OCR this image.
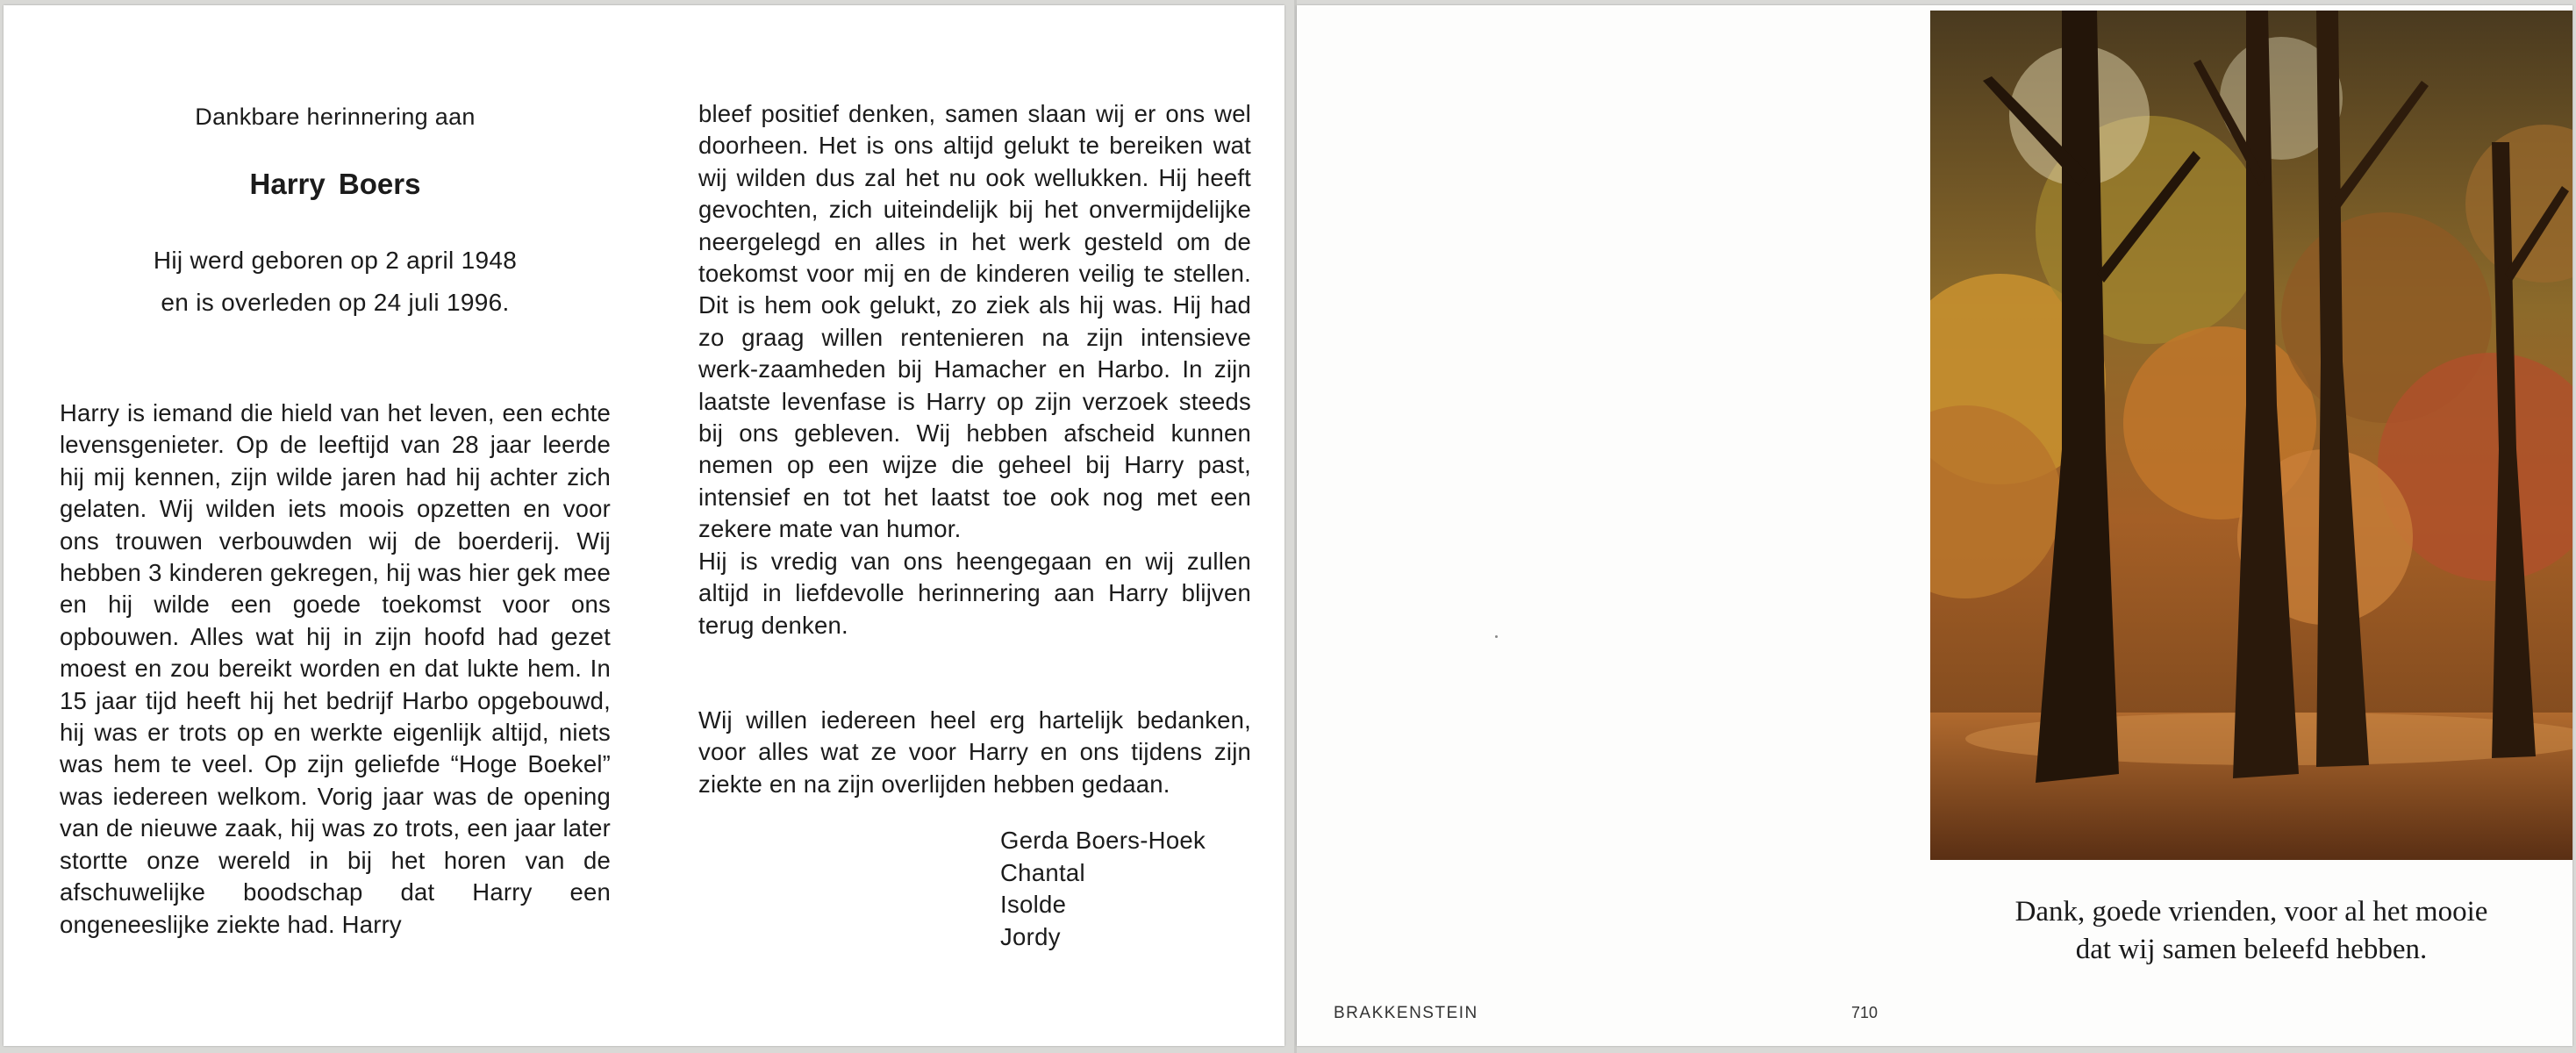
Dankbare herinnering aan

Harry Boers
Hij werd geboren op 2 april 1948
en is overleden op 24 juli 1996.

Harry is iemand die hield van het leven, een echte levensgenieter. Op de leeftijd van 28 jaar leerde hij mij kennen, zijn wilde jaren had hij achter zich gelaten. Wij wilden iets moois opzetten en voor ons trouwen verbouwden wij de boerderij. Wij hebben 3 kinderen gekregen, hij was hier gek mee en hij wilde een goede toekomst voor ons opbouwen. Alles wat hij in zijn hoofd had gezet moest en zou bereikt worden en dat lukte hem. In 15 jaar tijd heeft hij het bedrijf Harbo opgebouwd, hij was er trots op en werkte eigenlijk altijd, niets was hem te veel. Op zijn geliefde “Hoge Boekel” was iedereen welkom. Vorig jaar was de opening van de nieuwe zaak, hij was zo trots, een jaar later stortte onze wereld in bij het horen van de afschuwelijke boodschap dat Harry een ongeneeslijke ziekte had. Harry

bleef positief denken, samen slaan wij er ons wel doorheen. Het is ons altijd gelukt te bereiken wat wij wilden dus zal het nu ook wellukken. Hij heeft gevochten, zich uiteindelijk bij het onvermijdelijke neergelegd en alles in het werk gesteld om de toekomst voor mij en de kinderen veilig te stellen. Dit is hem ook gelukt, zo ziek als hij was. Hij had zo graag willen rentenieren na zijn intensieve werk-zaamheden bij Hamacher en Harbo. In zijn laatste levenfase is Harry op zijn verzoek steeds bij ons gebleven. Wij hebben afscheid kunnen nemen op een wijze die geheel bij Harry past, intensief en tot het laatst toe ook nog met een zekere mate van humor.

Hij is vredig van ons heengegaan en wij zullen altijd in liefdevolle herinnering aan Harry blijven terug denken.

Wij willen iedereen heel erg hartelijk bedanken, voor alles wat ze voor Harry en ons tijdens zijn ziekte en na zijn overlijden hebben gedaan.

Gerda Boers-Hoek
Chantal
Isolde
Jordy
Dank, goede vrienden, voor al het mooie
dat wij samen beleefd hebben.
BRAKKENSTEIN	710
